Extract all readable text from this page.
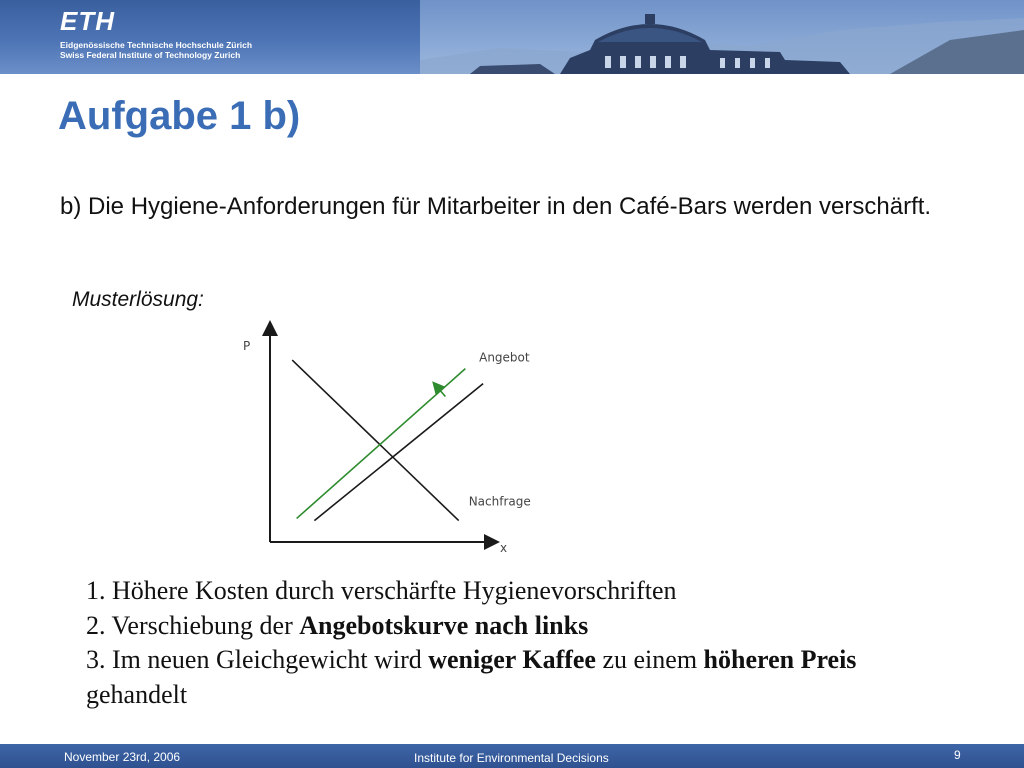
ETH
Eidgenössische Technische Hochschule Zürich
Swiss Federal Institute of Technology Zurich
Aufgabe 1 b)

b) Die Hygiene-Anforderungen für Mitarbeiter in den Café-Bars werden verschärft.

Musterlösung:
P
x
Nachfrage
Angebot

1. Höhere Kosten durch verschärfte Hygienevorschriften

2. Verschiebung der Angebotskurve nach links

3. Im neuen Gleichgewicht wird weniger Kaffee zu einem höheren Preis gehandelt

November 23rd, 2006	Institute for Environmental Decisions	9
